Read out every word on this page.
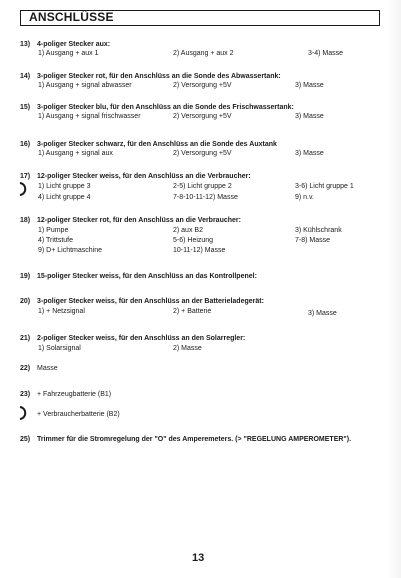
ANSCHLÜSSE
13) 4-poliger Stecker aux:
1) Ausgang + aux 1	2) Ausgang + aux 2	3-4) Masse
14) 3-poliger Stecker rot, für den Anschlüss an die Sonde des Abwassertank:
1) Ausgang + signal abwasser	2) Versorgung +5V	3) Masse
15) 3-poliger Stecker blu, für den Anschlüss an die Sonde des Frischwassertank:
1) Ausgang + signal frischwasser	2) Versorgung +5V	3) Masse
16) 3-poliger Stecker schwarz, für den Anschlüss an die Sonde des Auxtank
1) Ausgang + signal aux	2) Versorgung +5V	3) Masse
17) 12-poliger Stecker weiss, für den Anschlüss an die Verbraucher:
1) Licht gruppe 3	2-5) Licht gruppe 2	3-6) Licht gruppe 1
4) Licht gruppe 4	7-8-10-11-12) Masse	9) n.v.
18) 12-poliger Stecker rot, für den Anschlüss an die Verbraucher:
1) Pumpe	2) aux B2	3) Kühlschrank
4) Trittstufe	5-6) Heizung	7-8) Masse
9) D+ Lichtmaschine	10-11-12) Masse
19) 15-poliger Stecker weiss, für den Anschlüss an das Kontrollpenel:
20) 3-poliger Stecker weiss, für den Anschlüss an der Batterieladegerät:
1) + Netzsignal	2) + Batterie	3) Masse
21) 2-poliger Stecker weiss, für den Anschlüss an den Solarregler:
1) Solarsignal	2) Masse
22) Masse
23) + Fahrzeugbatterie (B1)
+ Verbraucherbatterie (B2)
25) Trimmer für die Stromregelung der "O" des Amperemeters. (> "REGELUNG AMPEROMETER").
13
